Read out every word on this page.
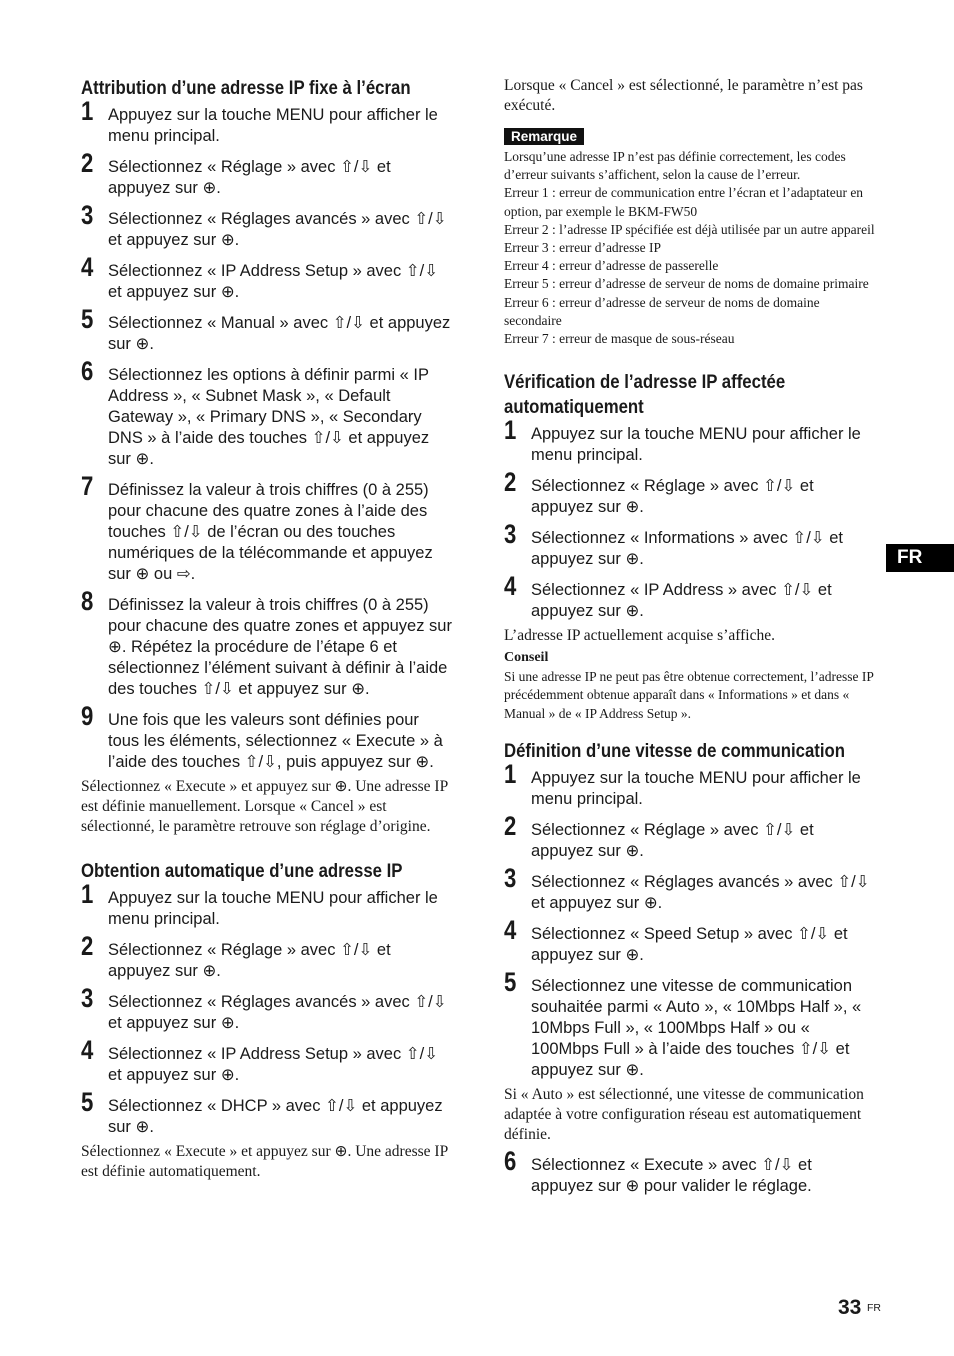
Attribution d’une adresse IP fixe à l’écran
1 Appuyez sur la touche MENU pour afficher le menu principal.
2 Sélectionnez « Réglage » avec ⇧/⇩ et appuyez sur ⊕.
3 Sélectionnez « Réglages avancés » avec ⇧/⇩ et appuyez sur ⊕.
4 Sélectionnez « IP Address Setup » avec ⇧/⇩ et appuyez sur ⊕.
5 Sélectionnez « Manual » avec ⇧/⇩ et appuyez sur ⊕.
6 Sélectionnez les options à définir parmi « IP Address », « Subnet Mask », « Default Gateway », « Primary DNS », « Secondary DNS » à l’aide des touches ⇧/⇩ et appuyez sur ⊕.
7 Définissez la valeur à trois chiffres (0 à 255) pour chacune des quatre zones à l’aide des touches ⇧/⇩ de l’écran ou des touches numériques de la télécommande et appuyez sur ⊕ ou ⇨.
8 Définissez la valeur à trois chiffres (0 à 255) pour chacune des quatre zones et appuyez sur ⊕. Répétez la procédure de l’étape 6 et sélectionnez l’élément suivant à définir à l’aide des touches ⇧/⇩ et appuyez sur ⊕.
9 Une fois que les valeurs sont définies pour tous les éléments, sélectionnez « Execute » à l’aide des touches ⇧/⇩, puis appuyez sur ⊕.

Sélectionnez « Execute » et appuyez sur ⊕. Une adresse IP est définie manuellement. Lorsque « Cancel » est sélectionné, le paramètre retrouve son réglage d’origine.

Obtention automatique d’une adresse IP
1 Appuyez sur la touche MENU pour afficher le menu principal.
2 Sélectionnez « Réglage » avec ⇧/⇩ et appuyez sur ⊕.
3 Sélectionnez « Réglages avancés » avec ⇧/⇩ et appuyez sur ⊕.
4 Sélectionnez « IP Address Setup » avec ⇧/⇩ et appuyez sur ⊕.
5 Sélectionnez « DHCP » avec ⇧/⇩ et appuyez sur ⊕.

Sélectionnez « Execute » et appuyez sur ⊕. Une adresse IP est définie automatiquement.

Lorsque « Cancel » est sélectionné, le paramètre n’est pas exécuté.

Remarque

Lorsqu’une adresse IP n’est pas définie correctement, les codes d’erreur suivants s’affichent, selon la cause de l’erreur.

Erreur 1 : erreur de communication entre l’écran et l’adaptateur en option, par exemple le BKM-FW50

Erreur 2 : l’adresse IP spécifiée est déjà utilisée par un autre appareil

Erreur 3 : erreur d’adresse IP

Erreur 4 : erreur d’adresse de passerelle

Erreur 5 : erreur d’adresse de serveur de noms de domaine primaire

Erreur 6 : erreur d’adresse de serveur de noms de domaine secondaire

Erreur 7 : erreur de masque de sous-réseau

Vérification de l’adresse IP affectée automatiquement
1 Appuyez sur la touche MENU pour afficher le menu principal.
2 Sélectionnez « Réglage » avec ⇧/⇩ et appuyez sur ⊕.
3 Sélectionnez « Informations » avec ⇧/⇩ et appuyez sur ⊕.
4 Sélectionnez « IP Address » avec ⇧/⇩ et appuyez sur ⊕.

L’adresse IP actuellement acquise s’affiche.

Conseil

Si une adresse IP ne peut pas être obtenue correctement, l’adresse IP précédemment obtenue apparaît dans « Informations » et dans « Manual » de « IP Address Setup ».

Définition d’une vitesse de communication
1 Appuyez sur la touche MENU pour afficher le menu principal.
2 Sélectionnez « Réglage » avec ⇧/⇩ et appuyez sur ⊕.
3 Sélectionnez « Réglages avancés » avec ⇧/⇩ et appuyez sur ⊕.
4 Sélectionnez « Speed Setup » avec ⇧/⇩ et appuyez sur ⊕.
5 Sélectionnez une vitesse de communication souhaitée parmi « Auto », « 10Mbps Half », « 10Mbps Full », « 100Mbps Half » ou « 100Mbps Full » à l’aide des touches ⇧/⇩ et appuyez sur ⊕.

Si « Auto » est sélectionné, une vitesse de communication adaptée à votre configuration réseau est automatiquement définie.

6 Sélectionnez « Execute » avec ⇧/⇩ et appuyez sur ⊕ pour valider le réglage.
FR
33 FR
